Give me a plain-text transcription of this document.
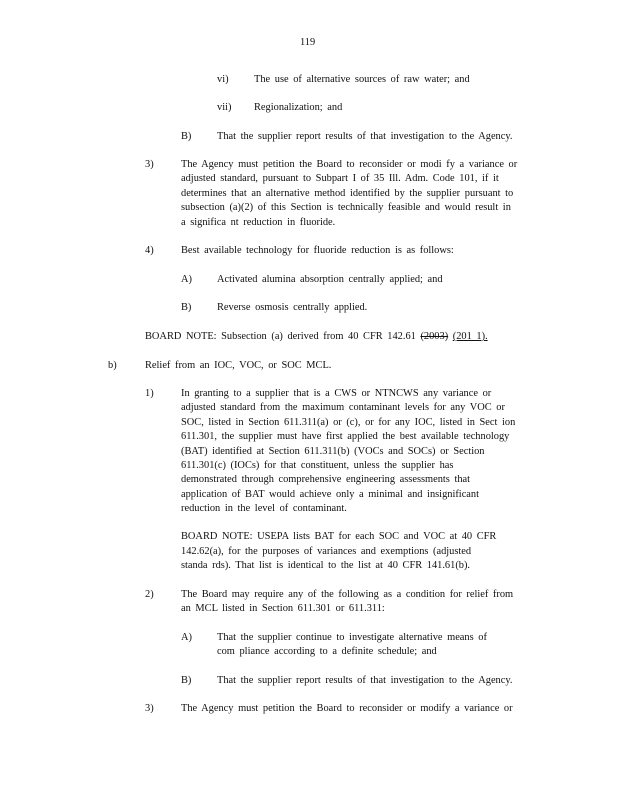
119
vi) The use of alternative sources of raw water; and
vii) Regionalization; and
B) That the supplier report results of that investigation to the Agency.
3)	The Agency must petition the Board to reconsider or modi fy a variance or
adjusted standard, pursuant to Subpart I of 35 Ill. Adm. Code 101, if it
determines that an alternative method identified by the supplier pursuant to
subsection (a)(2) of this Section is technically feasible and would result in
a significa nt reduction in fluoride.
4)	Best available technology for fluoride reduction is as follows:
A) Activated alumina absorption centrally applied; and
B) Reverse osmosis centrally applied.
BOARD NOTE: Subsection (a) derived from 40 CFR 142.61 (2003) (201 1).
b)	Relief from an IOC, VOC, or SOC MCL.
1)	In granting to a supplier that is a CWS or NTNCWS any variance or
adjusted standard from the maximum contaminant levels for any VOC or
SOC, listed in Section 611.311(a) or (c), or for any IOC, listed in Sect ion
611.301, the supplier must have first applied the best available technology
(BAT) identified at Section 611.311(b) (VOCs and SOCs) or Section
611.301(c) (IOCs) for that constituent, unless the supplier has
demonstrated through comprehensive engineering assessments that
application of BAT would achieve only a minimal and insignificant
reduction in the level of contaminant.
BOARD NOTE: USEPA lists BAT for each SOC and VOC at 40 CFR
142.62(a), for the purposes of variances and exemptions (adjusted
standa rds). That list is identical to the list at 40 CFR 141.61(b).
2)	The Board may require any of the following as a condition for relief from
an MCL listed in Section 611.301 or 611.311:
A) That the supplier continue to investigate alternative means of
com pliance according to a definite schedule; and
B) That the supplier report results of that investigation to the Agency.
3)	The Agency must petition the Board to reconsider or modify a variance or
